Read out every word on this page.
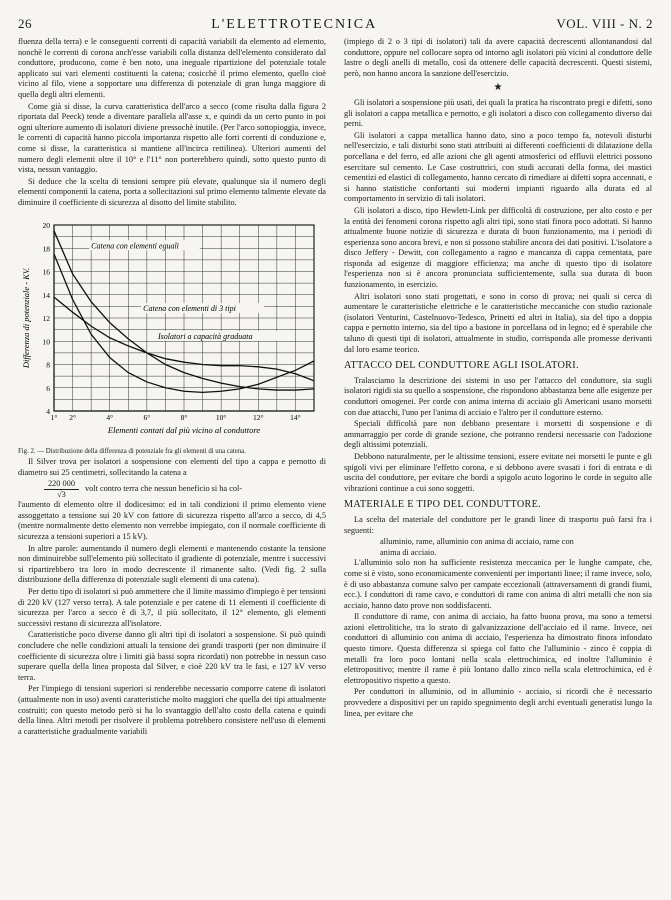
26	L'ELETTROTECNICA	VOL. VIII - N. 2

fluenza della terra) e le conseguenti correnti di capacità variabili da elemento ad elemento, nonchè le correnti di corona anch'esse variabili colla distanza dell'elemento considerato dal conduttore, producono, come è ben noto, una ineguale ripartizione del potenziale totale applicato sui vari elementi costituenti la catena; cosicchè il primo elemento, quello cioè vicino al filo, viene a sopportare una differenza di potenziale di gran lunga maggiore di quella degli altri elementi.

Come già si disse, la curva caratteristica dell'arco a secco (come risulta dalla figura 2 riportata dal Peeck) tende a diventare parallela all'asse x, e quindi da un certo punto in poi ogni ulteriore aumento di isolatori diviene pressochè inutile. (Per l'arco sottopioggia, invece, le correnti di capacità hanno piccola importanza rispetto alle forti correnti di conduzione e, come si disse, la caratteristica si mantiene all'incirca rettilinea). Ulteriori aumenti del numero degli elementi oltre il 10° e l'11° non porterebbero quindi, sotto questo punto di vista, nessun vantaggio.

Si deduce che la scelta di tensioni sempre più elevate, qualunque sia il numero degli elementi componenti la catena, porta a sollecitazioni sul primo elemento talmente elevate da diminuire il coefficiente di sicurezza al disotto del limite stabilito.

4
6
8
10
12
14
16
18
20
1° 2°	4°	6°	8°	10°	12°	14°
Elementi contati dal più vicino al conduttore
Differenza di potenziale - KV.
Catena con elementi eguali
Catena con elementi di 3 tipi
Isolatori a capacità graduata

Fig. 2. — Distribuzione della differenza di potenziale fra gli elementi di una catena.

Il Silver trova per isolatori a sospensione con elementi del tipo a cappa e pernotto di diametro sui 25 centimetri, sollecitando la catena a

$\frac{220 000}{√3}$ volt contro terra che nessun beneficio si ha col-

l'aumento di elemento oltre il dodicesimo: ed in tali condizioni il primo elemento viene assoggettato a tensione sui 20 kV con fattore di sicurezza rispetto all'arco a secco, di 4,5 (mentre normalmente detto elemento non verrebbe impiegato, con il normale coefficiente di sicurezza a tensioni superiori a 15 kV).

In altre parole: aumentando il numero degli elementi e mantenendo costante la tensione non diminuirebbe sull'elemento più sollecitato il gradiente di potenziale, mentre i successivi si ripartirebbero tra loro in modo decrescente il rimanente salto. (Vedi fig. 2 sulla distribuzione della differenza di potenziale sugli elementi di una catena).

Per detto tipo di isolatori si può ammettere che il limite massimo d'impiego è per tensioni di 220 kV (127 verso terra). A tale potenziale e per catene di 11 elementi il coefficiente di sicurezza per l'arco a secco è di 3,7, il più sollecitato, il 12° elemento, gli elementi successivi restano di sicurezza all'isolatore.

Caratteristiche poco diverse danno gli altri tipi di isolatori a sospensione. Si può quindi concludere che nelle condizioni attuali la tensione dei grandi trasporti (per non diminuire il coefficiente di sicurezza oltre i limiti già bassi sopra ricordati) non potrebbe in nessun caso superare quella della linea proposta dal Silver, e cioè 220 kV tra le fasi, e 127 kV verso terra.

Per l'impiego di tensioni superiori si renderebbe necessario comporre catene di isolatori (attualmente non in uso) aventi caratteristiche molto maggiori che quella dei tipi attualmente costruiti; con questo metodo però si ha lo svantaggio dell'alto costo della catena e quindi della linea. Altri metodi per risolvere il problema potrebbero consistere nell'uso di elementi a caratteristiche gradualmente variabili

(impiego di 2 o 3 tipi di isolatori) tali da avere capacità decrescenti allontanandosi dal conduttore, oppure nel collocare sopra od intorno agli isolatori più vicini al conduttore delle lastre o degli anelli di metallo, così da ottenere delle capacità decrescenti. Questi sistemi, però, non hanno ancora la sanzione dell'esercizio.

★

Gli isolatori a sospensione più usati, dei quali la pratica ha riscontrato pregi e difetti, sono gli isolatori a cappa metallica e pernotto, e gli isolatori a disco con collegamento diverso dai perni.

Gli isolatori a cappa metallica hanno dato, sino a poco tempo fa, notevoli disturbi nell'esercizio, e tali disturbi sono stati attribuiti ai differenti coefficienti di dilatazione della porcellana e del ferro, ed alle azioni che gli agenti atmosferici od effluvii elettrici possono esercitare sul cemento. Le Case costruttrici, con studi accurati della forma, dei mastici cementizi ed elastici di collegamento, hanno cercato di rimediare ai difetti sopra accennati, e si hanno statistiche confortanti sui moderni impianti riguardo alla durata ed al comportamento in servizio di tali isolatori.

Gli isolatori a disco, tipo Hewlett-Link per difficoltà di costruzione, per alto costo e per la entità dei fenomeni corona rispetto agli altri tipi, sono stati finora poco adottati. Si hanno attualmente buone notizie di sicurezza e durata di buon funzionamento, ma i periodi di esperienza sono ancora brevi, e non si possono stabilire ancora dei dati positivi. L'isolatore a disco Jeffery - Dewitt, con collegamento a ragno e mancanza di cappa cementata, pare risponda ad esigenze di maggiore efficienza; ma anche di questo tipo di isolatore l'esperienza non si è ancora pronunciata sufficientemente, sulla sua durata di buon funzionamento, in esercizio.

Altri isolatori sono stati progettati, e sono in corso di prova; nei quali si cerca di aumentare le caratteristiche elettriche e le caratteristiche meccaniche con studio razionale (isolatori Venturini, Castelnuovo-Tedesco, Prinetti ed altri in Italia), sia del tipo a doppia cappa e pernotto interno, sia del tipo a bastone in porcellana od in legno; ed è sperabile che taluno di questi tipi di isolatori, attualmente in studio, corrisponda alle promesse derivanti dal loro esame teorico.

ATTACCO DEL CONDUTTORE AGLI ISOLATORI.

Tralasciamo la descrizione dei sistemi in uso per l'attacco del conduttore, sia sugli isolatori rigidi sia su quello a sospensione, che rispondono abbastanza bene alle esigenze per conduttori omogenei. Per corde con anima interna di acciaio gli Americani usano morsetti con due attacchi, l'uno per l'anima di acciaio e l'altro per il conduttore esterno.

Speciali difficoltà pare non debbano presentare i morsetti di sospensione e di ammarraggio per corde di grande sezione, che potranno rendersi necessarie con l'adozione degli altissimi potenziali.

Debbono naturalmente, per le altissime tensioni, essere evitate nei morsetti le punte e gli spigoli vivi per eliminare l'effetto corona, e si debbono avere svasati i fori di entrata e di uscita del conduttore, per evitare che bordi a spigolo acuto logorino le corde in seguito alle vibrazioni continue a cui sono soggetti.

MATERIALE E TIPO DEL CONDUTTORE.

La scelta del materiale del conduttore per le grandi linee di trasporto può farsi fra i seguenti:

alluminio, rame, alluminio con anima di acciaio, rame con
anima di acciaio.

L'alluminio solo non ha sufficiente resistenza meccanica per le lunghe campate, che, come si è visto, sono economicamente convenienti per importanti linee; il rame invece, solo, è di uso abbastanza comune salvo per campate eccezionali (attraversamenti di grandi fiumi, ecc.). I conduttori di rame cavo, e conduttori di rame con anima di altri metalli che non sia acciaio, hanno dato prove non soddisfacenti.

Il conduttore di rame, con anima di acciaio, ha fatto buona prova, ma sono a temersi azioni elettrolitiche, tra lo strato di galvanizzazione dell'acciaio ed il rame. Invece, nei conduttori di alluminio con anima di acciaio, l'esperienza ha dimostrato finora infondato questo timore. Questa differenza si spiega col fatto che l'alluminio - zinco è coppia di metalli fra loro poco lontani nella scala elettrochimica, ed inoltre l'alluminio è elettropositivo; mentre il rame è più lontano dallo zinco nella scala elettrochimica, ed è elettropositivo rispetto a questo.

Per conduttori in alluminio, od in alluminio - acciaio, si ricordi che è necessario provvedere a dispositivi per un rapido spegnimento degli archi eventuali generatisi lungo la linea, per evitare che
